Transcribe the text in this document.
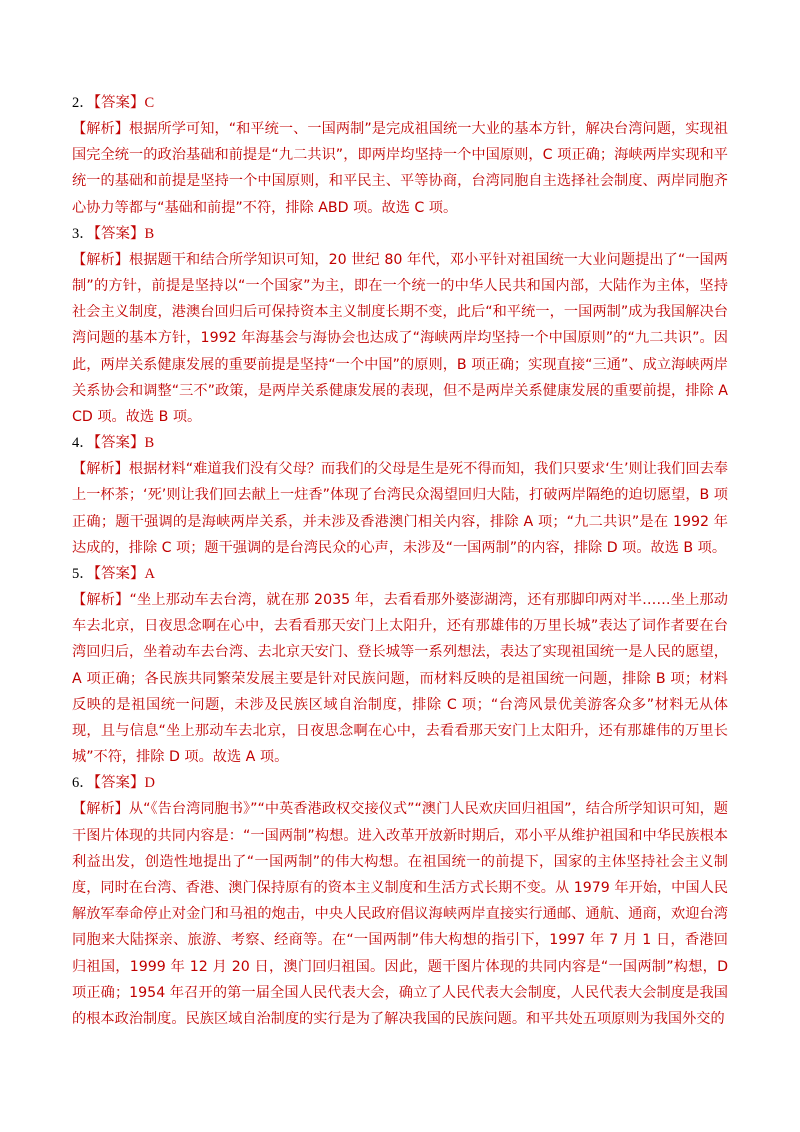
2．【答案】C
【解析】根据所学可知，“和平统一、一国两制”是完成祖国统一大业的基本方针，解决台湾问题，实现祖国完全统一的政治基础和前提是“九二共识”，即两岸均坚持一个中国原则，C 项正确；海峡两岸实现和平统一的基础和前提是坚持一个中国原则，和平民主、平等协商，台湾同胞自主选择社会制度、两岸同胞齐心协力等都与“基础和前提”不符，排除 ABD 项。故选 C 项。
3．【答案】B
【解析】根据题干和结合所学知识可知，20 世纪 80 年代，邓小平针对祖国统一大业问题提出了“一国两制”的方针，前提是坚持以“一个国家”为主，即在一个统一的中华人民共和国内部，大陆作为主体，坚持社会主义制度，港澳台回归后可保持资本主义制度长期不变，此后“和平统一，一国两制”成为我国解决台湾问题的基本方针，1992 年海基会与海协会也达成了“海峡两岸均坚持一个中国原则”的“九二共识”。因此，两岸关系健康发展的重要前提是坚持“一个中国”的原则，B 项正确；实现直接“三通”、成立海峡两岸关系协会和调整“三不”政策，是两岸关系健康发展的表现，但不是两岸关系健康发展的重要前提，排除 ACD 项。故选 B 项。
4．【答案】B
【解析】根据材料“难道我们没有父母？而我们的父母是生是死不得而知，我们只要求‘生’则让我们回去奉上一杯茶；‘死’则让我们回去献上一炷香”体现了台湾民众渴望回归大陆，打破两岸隔绝的迫切愿望，B 项正确；题干强调的是海峡两岸关系，并未涉及香港澳门相关内容，排除 A 项；“九二共识”是在 1992 年达成的，排除 C 项；题干强调的是台湾民众的心声，未涉及“一国两制”的内容，排除 D 项。故选 B 项。
5．【答案】A
【解析】“坐上那动车去台湾，就在那 2035 年，去看看那外婆澎湖湾，还有那脚印两对半……坐上那动车去北京，日夜思念啊在心中，去看看那天安门上太阳升，还有那雄伟的万里长城”表达了词作者要在台湾回归后，坐着动车去台湾、去北京天安门、登长城等一系列想法，表达了实现祖国统一是人民的愿望，A 项正确；各民族共同繁荣发展主要是针对民族问题，而材料反映的是祖国统一问题，排除 B 项；材料反映的是祖国统一问题，未涉及民族区域自治制度，排除 C 项；“台湾风景优美游客众多”材料无从体现，且与信息“坐上那动车去北京，日夜思念啊在心中，去看看那天安门上太阳升，还有那雄伟的万里长城”不符，排除 D 项。故选 A 项。
6．【答案】D
【解析】从“《告台湾同胞书》”“中英香港政权交接仪式”“澳门人民欢庆回归祖国”，结合所学知识可知，题干图片体现的共同内容是：“一国两制”构想。进入改革开放新时期后，邓小平从维护祖国和中华民族根本利益出发，创造性地提出了“一国两制”的伟大构想。在祖国统一的前提下，国家的主体坚持社会主义制度，同时在台湾、香港、澳门保持原有的资本主义制度和生活方式长期不变。从 1979 年开始，中国人民解放军奉命停止对金门和马祖的炮击，中央人民政府倡议海峡两岸直接实行通邮、通航、通商，欢迎台湾同胞来大陆探亲、旅游、考察、经商等。在“一国两制”伟大构想的指引下，1997 年 7 月 1 日，香港回归祖国，1999 年 12 月 20 日，澳门回归祖国。因此，题干图片体现的共同内容是“一国两制”构想，D 项正确；1954 年召开的第一届全国人民代表大会，确立了人民代表大会制度，人民代表大会制度是我国的根本政治制度。民族区域自治制度的实行是为了解决我国的民族问题。和平共处五项原则为我国外交的
